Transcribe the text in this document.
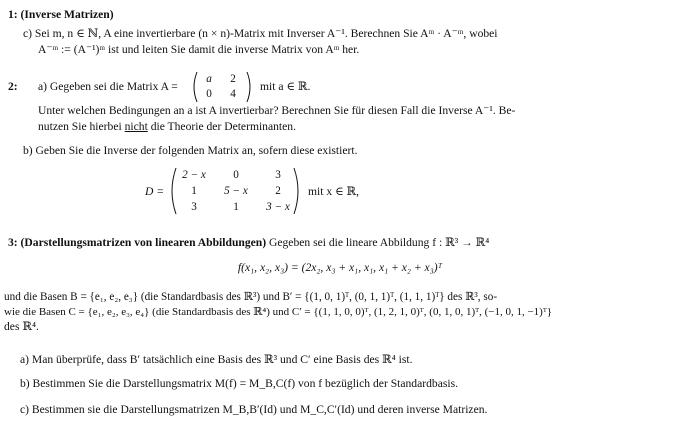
1: (Inverse Matrizen)
c) Sei m, n ∈ ℕ, A eine invertierbare (n × n)-Matrix mit Inverser A⁻¹. Berechnen Sie Aᵐ · A⁻ᵐ, wobei
A⁻ᵐ := (A⁻¹)ᵐ ist und leiten Sie damit die inverse Matrix von Aᵐ her.
2: a) Gegeben sei die Matrix A =
a	2
0	4
mit a ∈ ℝ.
Unter welchen Bedingungen an a ist A invertierbar? Berechnen Sie für diesen Fall die Inverse A⁻¹. Be-
nutzen Sie hierbei nicht die Theorie der Determinanten.
b) Geben Sie die Inverse der folgenden Matrix an, sofern diese existiert.
D =
2 − x	0	3
1	5 − x	2
3	1	3 − x
mit x ∈ ℝ,
3: (Darstellungsmatrizen von linearen Abbildungen) Gegeben sei die lineare Abbildung f : ℝ³ → ℝ⁴
f(x₁, x₂, x₃) = (2x₂, x₃ + x₁, x₁, x₁ + x₂ + x₃)ᵀ
und die Basen B = {e₁, e₂, e₃} (die Standardbasis des ℝ³) und B′ = {(1, 0, 1)ᵀ, (0, 1, 1)ᵀ, (1, 1, 1)ᵀ} des ℝ³, so-
wie die Basen C = {e₁, e₂, e₃, e₄} (die Standardbasis des ℝ⁴) und C′ = {(1, 1, 0, 0)ᵀ, (1, 2, 1, 0)ᵀ, (0, 1, 0, 1)ᵀ, (−1, 0, 1, −1)ᵀ}
des ℝ⁴.
a) Man überprüfe, dass B′ tatsächlich eine Basis des ℝ³ und C′ eine Basis des ℝ⁴ ist.
b) Bestimmen Sie die Darstellungsmatrix M(f) = M_B,C(f) von f bezüglich der Standardbasis.
c) Bestimmen sie die Darstellungsmatrizen M_B,B′(Id) und M_C,C′(Id) und deren inverse Matrizen.
